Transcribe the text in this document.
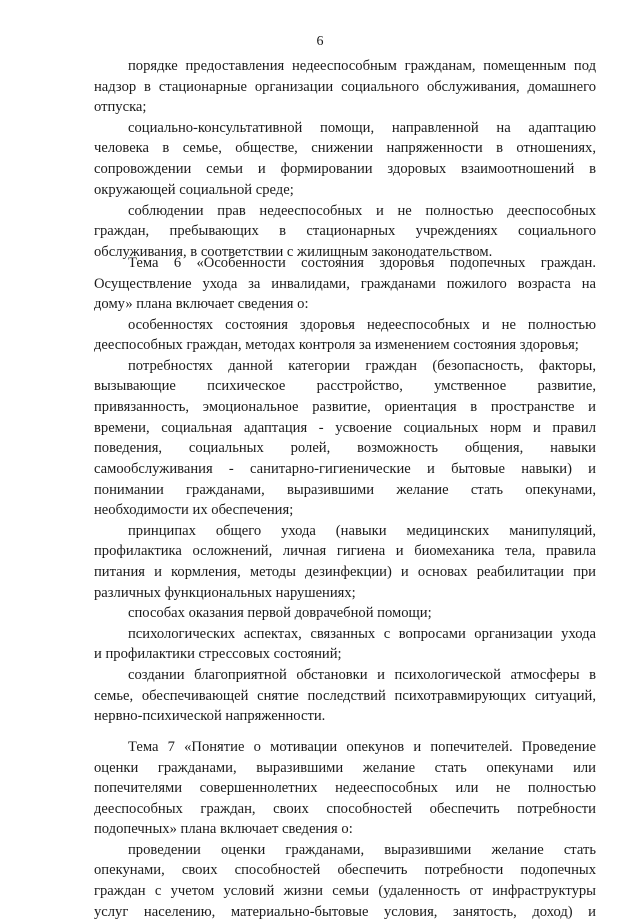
6
порядке предоставления недееспособным гражданам, помещенным под
надзор в стационарные организации социального обслуживания, домашнего
отпуска;
социально-консультативной помощи, направленной на адаптацию
человека в семье, обществе, снижении напряженности в отношениях,
сопровождении семьи и формировании здоровых взаимоотношений в
окружающей социальной среде;
соблюдении прав недееспособных и не полностью дееспособных
граждан, пребывающих в стационарных учреждениях социального
обслуживания, в соответствии с жилищным законодательством.
Тема 6 «Особенности состояния здоровья подопечных граждан.
Осуществление ухода за инвалидами, гражданами пожилого возраста на
дому» плана включает сведения о:
особенностях состояния здоровья недееспособных и не полностью
дееспособных граждан, методах контроля за изменением состояния здоровья;
потребностях данной категории граждан (безопасность, факторы,
вызывающие психическое расстройство, умственное развитие,
привязанность, эмоциональное развитие, ориентация в пространстве и
времени, социальная адаптация - усвоение социальных норм и правил
поведения, социальных ролей, возможность общения, навыки
самообслуживания - санитарно-гигиенические и бытовые навыки) и
понимании гражданами, выразившими желание стать опекунами,
необходимости их обеспечения;
принципах общего ухода (навыки медицинских манипуляций,
профилактика осложнений, личная гигиена и биомеханика тела, правила
питания и кормления, методы дезинфекции) и основах реабилитации при
различных функциональных нарушениях;
способах оказания первой доврачебной помощи;
психологических аспектах, связанных с вопросами организации ухода
и профилактики стрессовых состояний;
создании благоприятной обстановки и психологической атмосферы в
семье, обеспечивающей снятие последствий психотравмирующих ситуаций,
нервно-психической напряженности.
Тема 7 «Понятие о мотивации опекунов и попечителей. Проведение
оценки гражданами, выразившими желание стать опекунами или
попечителями совершеннолетних недееспособных или не полностью
дееспособных граждан, своих способностей обеспечить потребности
подопечных» плана включает сведения о:
проведении оценки гражданами, выразившими желание стать
опекунами, своих способностей обеспечить потребности подопечных
граждан с учетом условий жизни семьи (удаленность от инфраструктуры
услуг населению, материально-бытовые условия, занятость, доход) и
